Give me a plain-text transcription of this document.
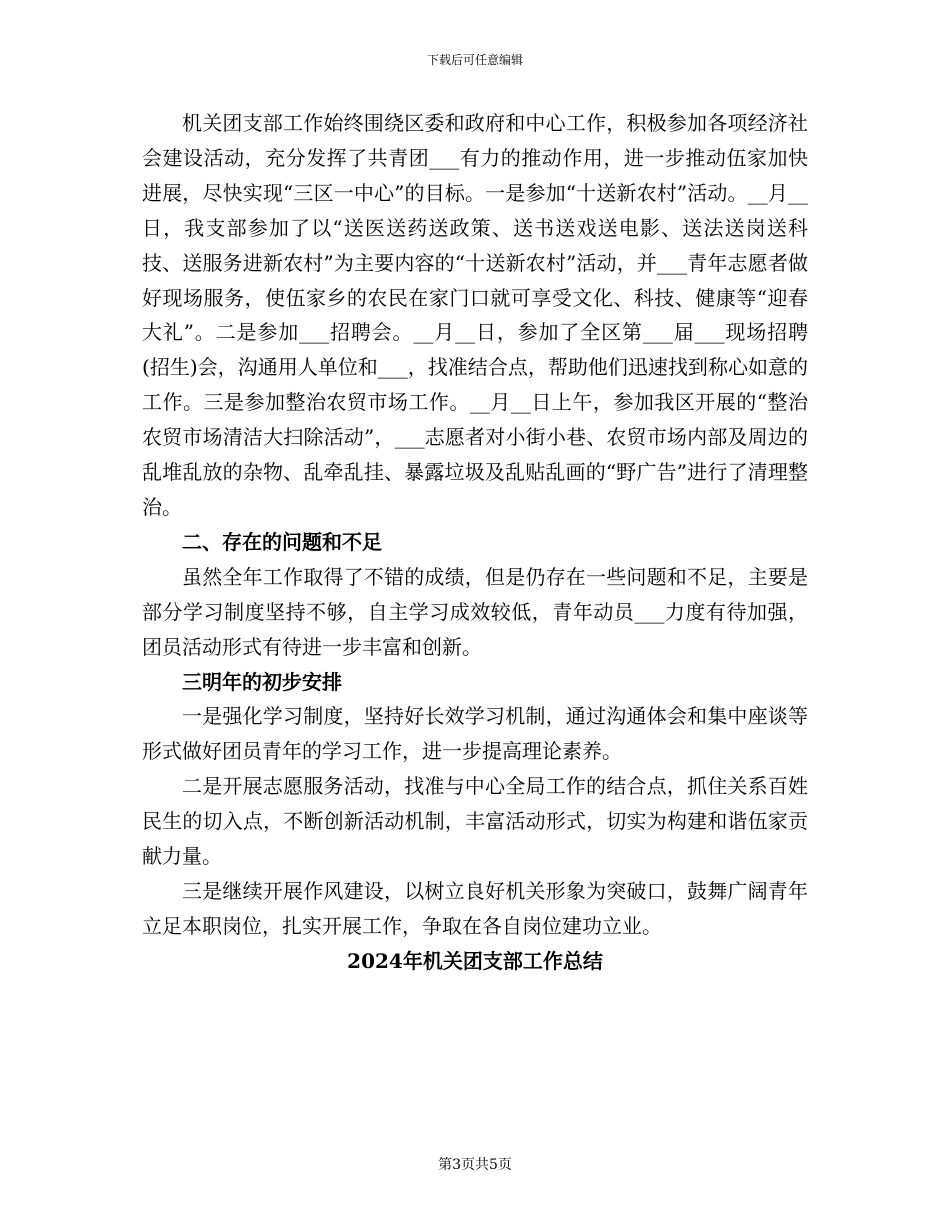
下载后可任意编辑

机关团支部工作始终围绕区委和政府和中心工作，积极参加各项经济社会建设活动，充分发挥了共青团___有力的推动作用，进一步推动伍家加快进展，尽快实现“三区一中心”的目标。一是参加“十送新农村”活动。__月__日，我支部参加了以“送医送药送政策、送书送戏送电影、送法送岗送科技、送服务进新农村”为主要内容的“十送新农村”活动，并___青年志愿者做好现场服务，使伍家乡的农民在家门口就可享受文化、科技、健康等“迎春大礼”。二是参加___招聘会。__月__日，参加了全区第___届___现场招聘(招生)会，沟通用人单位和___，找准结合点，帮助他们迅速找到称心如意的工作。三是参加整治农贸市场工作。__月__日上午，参加我区开展的“整治农贸市场清洁大扫除活动”，___志愿者对小街小巷、农贸市场内部及周边的乱堆乱放的杂物、乱牵乱挂、暴露垃圾及乱贴乱画的“野广告”进行了清理整治。

二、存在的问题和不足

虽然全年工作取得了不错的成绩，但是仍存在一些问题和不足，主要是部分学习制度坚持不够，自主学习成效较低，青年动员___力度有待加强，团员活动形式有待进一步丰富和创新。

三明年的初步安排

一是强化学习制度，坚持好长效学习机制，通过沟通体会和集中座谈等形式做好团员青年的学习工作，进一步提高理论素养。

二是开展志愿服务活动，找准与中心全局工作的结合点，抓住关系百姓民生的切入点，不断创新活动机制，丰富活动形式，切实为构建和谐伍家贡献力量。

三是继续开展作风建设，以树立良好机关形象为突破口，鼓舞广阔青年立足本职岗位，扎实开展工作，争取在各自岗位建功立业。

2024年机关团支部工作总结

第3页共5页
